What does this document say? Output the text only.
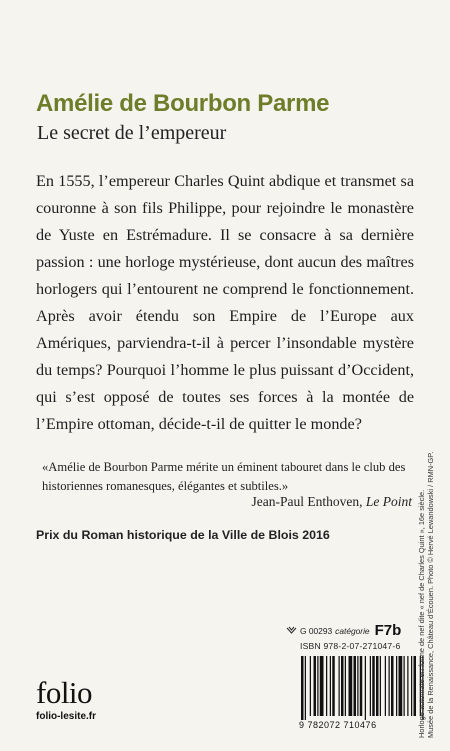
Amélie de Bourbon Parme
Le secret de l’empereur
En 1555, l’empereur Charles Quint abdique et transmet sa couronne à son fils Philippe, pour rejoindre le monastère de Yuste en Estrémadure. Il se consacre à sa dernière passion : une horloge mystérieuse, dont aucun des maîtres horlogers qui l’entourent ne comprend le fonctionnement. Après avoir étendu son Empire de l’Europe aux Amériques, parviendra-t-il à percer l’insondable mystère du temps? Pourquoi l’homme le plus puissant d’Occident, qui s’est opposé de toutes ses forces à la montée de l’Empire ottoman, décide-t-il de quitter le monde?
«Amélie de Bourbon Parme mérite un éminent tabouret dans le club des historiennes romanesques, élégantes et subtiles.»
Jean-Paul Enthoven, Le Point
Prix du Roman historique de la Ville de Blois 2016
G 00293 catégorie F7b
ISBN 978-2-07-271047-6
9 782072 710476
folio
folio-lesite.fr	Horloge automate en forme de nef dite « nef de Charles Quint », 16e siècle. Musée de la Renaissance, Château d’Écouen. Photo © Hervé Lewandowski / RMN-GP.
